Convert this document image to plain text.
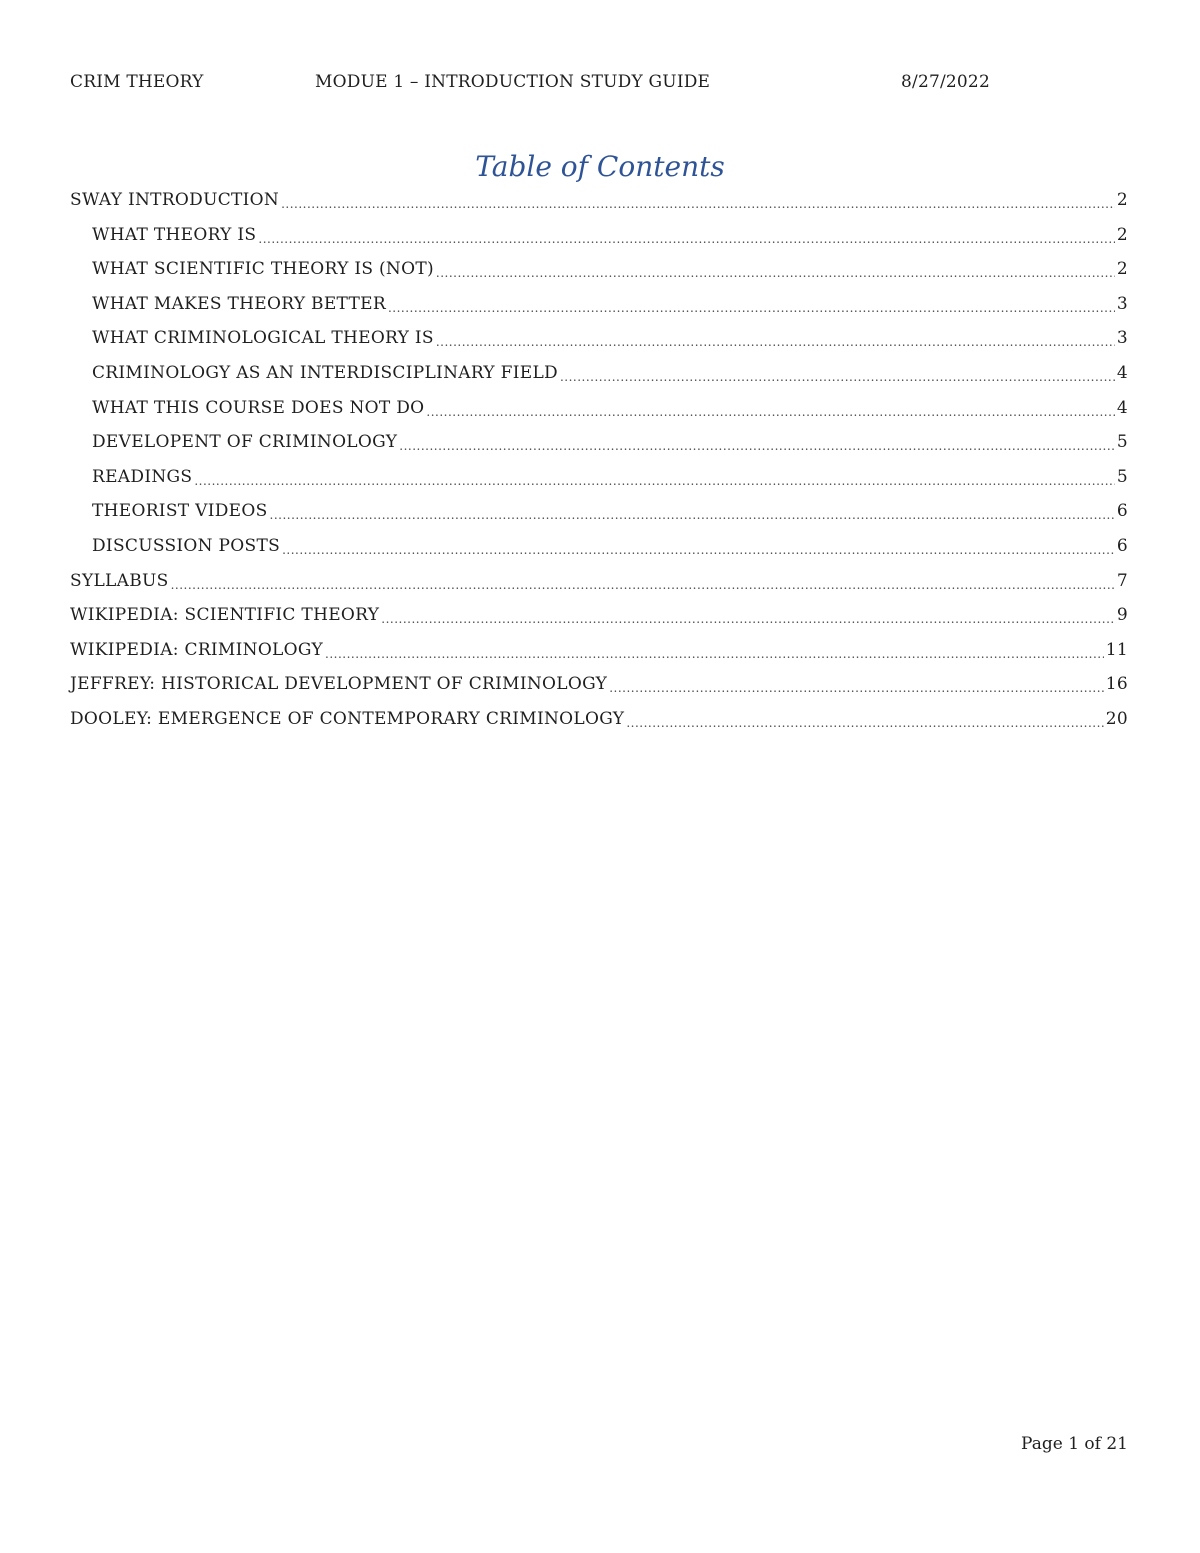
CRIM THEORY	MODUE 1 – INTRODUCTION STUDY GUIDE	8/27/2022
Table of Contents
SWAY INTRODUCTION .....	2
WHAT THEORY IS .....	2
WHAT SCIENTIFIC THEORY IS (NOT) .....	2
WHAT MAKES THEORY BETTER .....	3
WHAT CRIMINOLOGICAL THEORY IS .....	3
CRIMINOLOGY AS AN INTERDISCIPLINARY FIELD .....	4
WHAT THIS COURSE DOES NOT DO .....	4
DEVELOPENT OF CRIMINOLOGY .....	5
READINGS .....	5
THEORIST VIDEOS .....	6
DISCUSSION POSTS .....	6
SYLLABUS .....	7
WIKIPEDIA: SCIENTIFIC THEORY .....	9
WIKIPEDIA: CRIMINOLOGY .....	11
JEFFREY: HISTORICAL DEVELOPMENT OF CRIMINOLOGY .....	16
DOOLEY: EMERGENCE OF CONTEMPORARY CRIMINOLOGY .....	20
Page 1 of 21
